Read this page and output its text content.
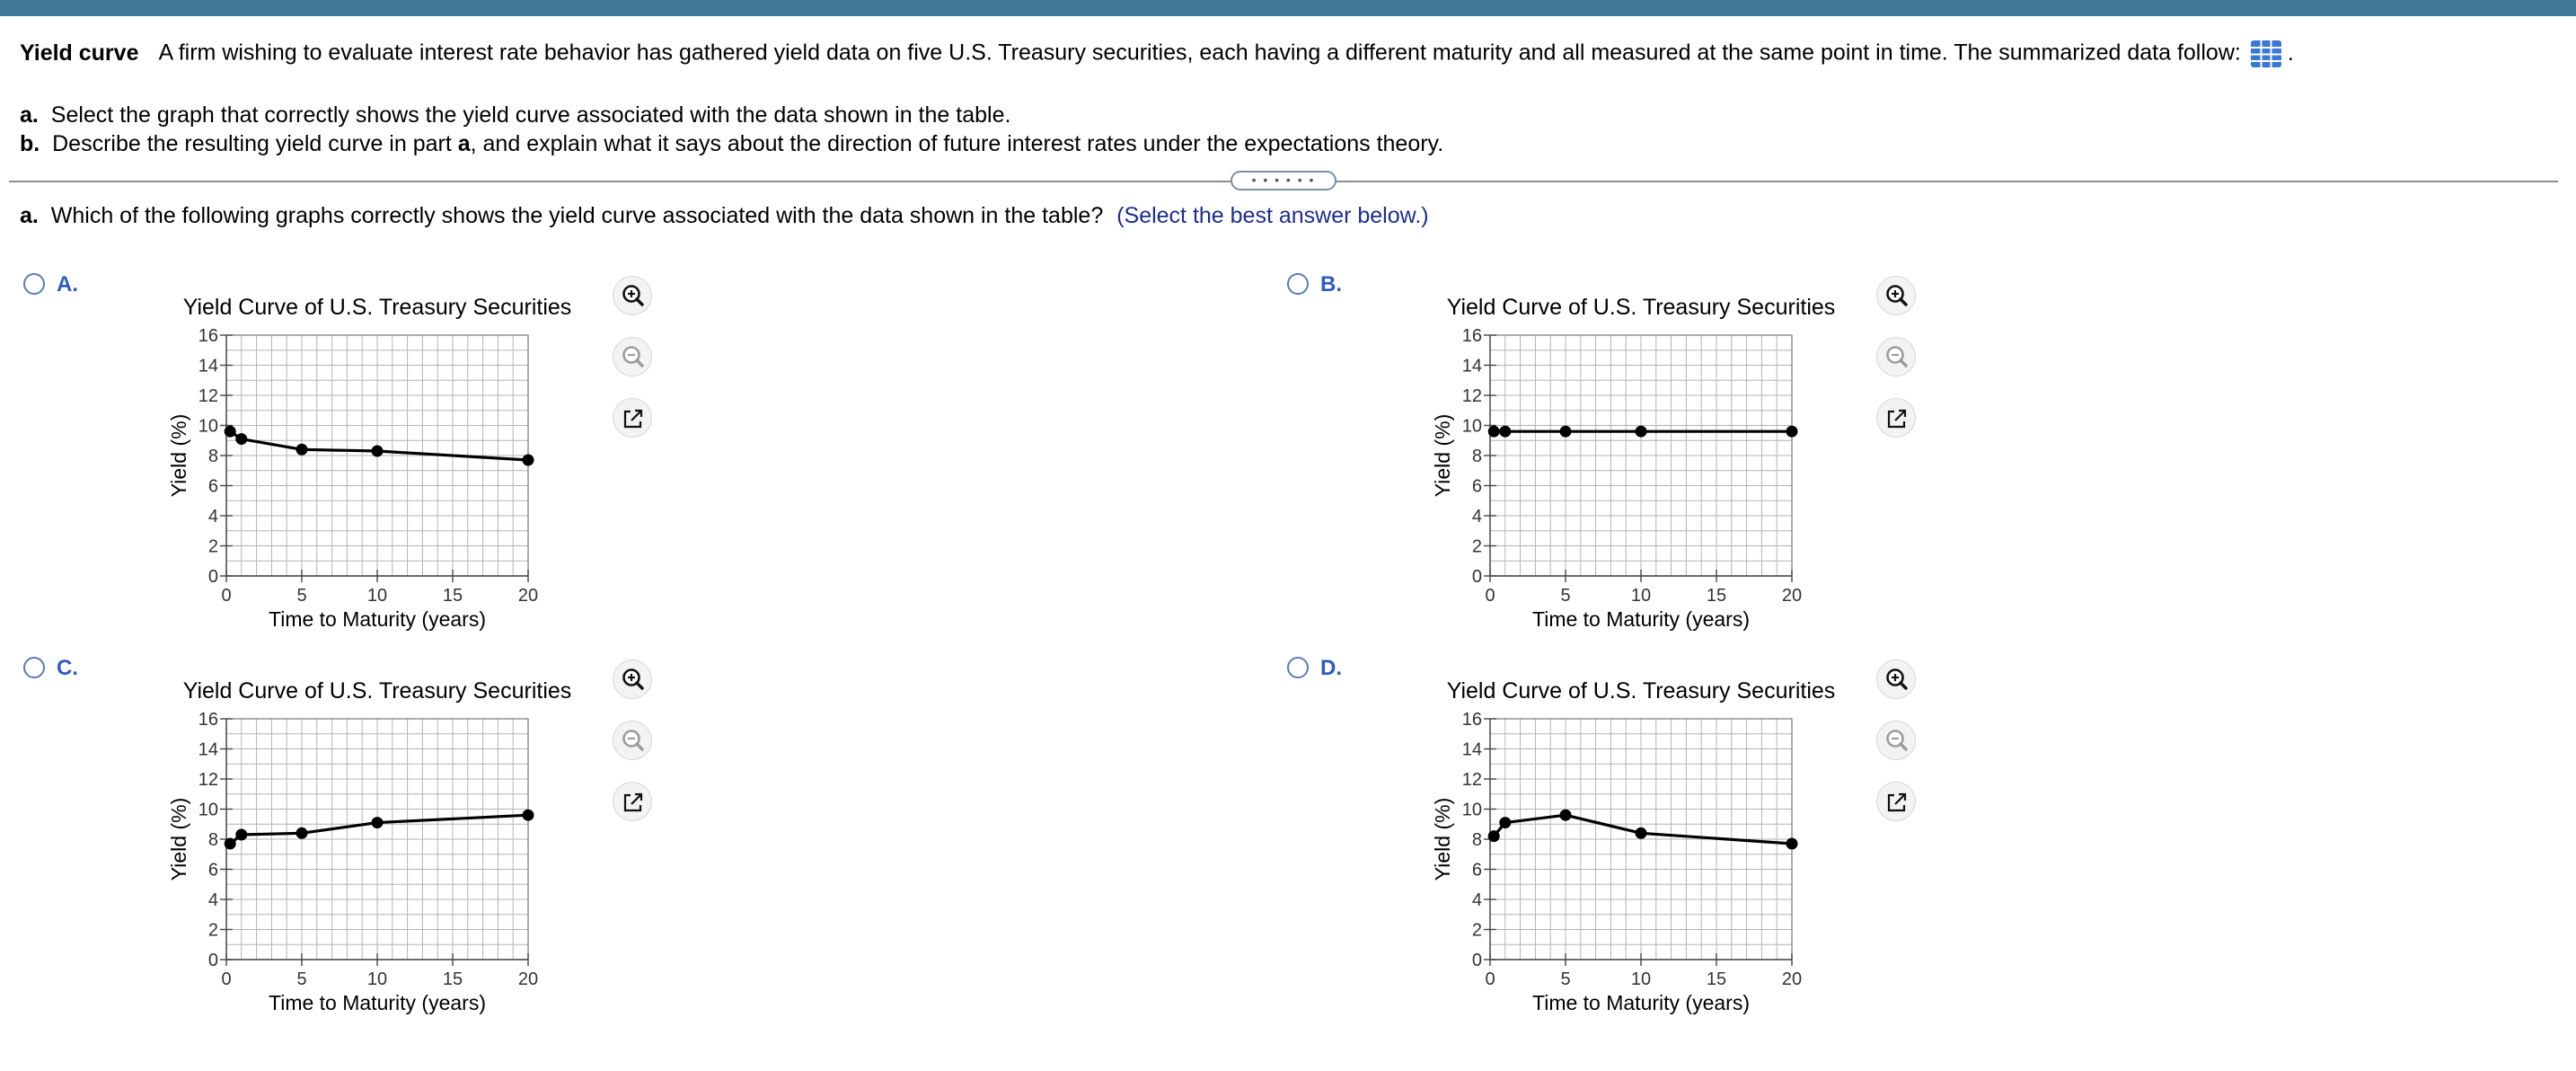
Yield curve A firm wishing to evaluate interest rate behavior has gathered yield data on five U.S. Treasury securities, each having a different maturity and all measured at the same point in time. The summarized data follow: .
a. Select the graph that correctly shows the yield curve associated with the data shown in the table.
b. Describe the resulting yield curve in part a, and explain what it says about the direction of future interest rates under the expectations theory.
• • • • • •
a. Which of the following graphs correctly shows the yield curve associated with the data shown in the table? (Select the best answer below.)
A.
Yield Curve of U.S. Treasury Securities
0
2
4
6
8
10
12
14
16
0	5	10	15	20
Time to Maturity (years)
Yield (%)
B.
Yield Curve of U.S. Treasury Securities
0
2
4
6
8
10
12
14
16
0	5	10	15	20
Time to Maturity (years)
Yield (%)
C.
Yield Curve of U.S. Treasury Securities
0
2
4
6
8
10
12
14
16
0	5	10	15	20
Time to Maturity (years)
Yield (%)
D.
Yield Curve of U.S. Treasury Securities
0
2
4
6
8
10
12
14
16
0	5	10	15	20
Time to Maturity (years)
Yield (%)
